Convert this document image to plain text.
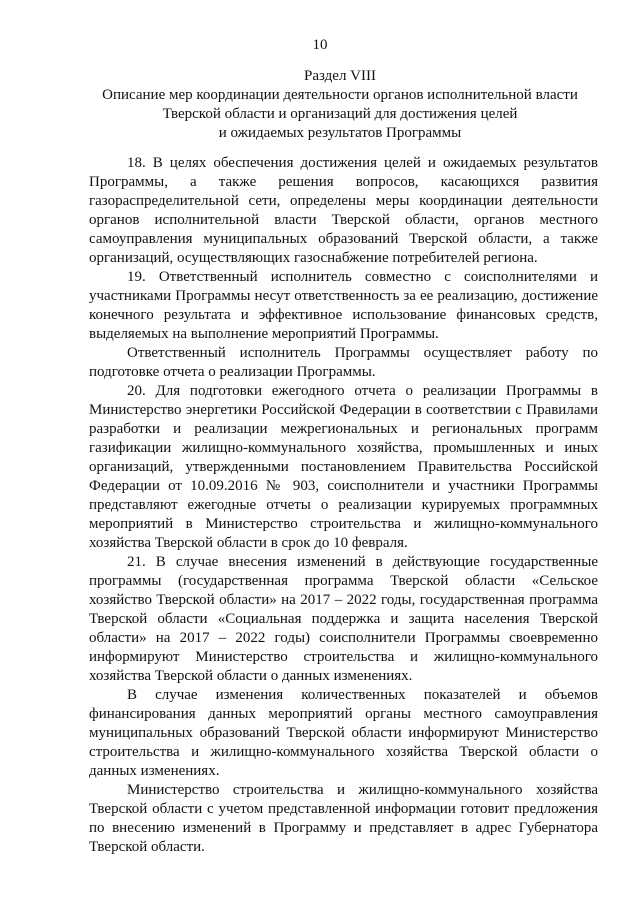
10
Раздел VIII
Описание мер координации деятельности органов исполнительной власти
Тверской области и организаций для достижения целей
и ожидаемых результатов Программы

18. В целях обеспечения достижения целей и ожидаемых результатов Программы, а также решения вопросов, касающихся развития газораспределительной сети, определены меры координации деятельности органов исполнительной власти Тверской области, органов местного самоуправления муниципальных образований Тверской области, а также организаций, осуществляющих газоснабжение потребителей региона.

19. Ответственный исполнитель совместно с соисполнителями и участниками Программы несут ответственность за ее реализацию, достижение конечного результата и эффективное использование финансовых средств, выделяемых на выполнение мероприятий Программы.

Ответственный исполнитель Программы осуществляет работу по подготовке отчета о реализации Программы.

20. Для подготовки ежегодного отчета о реализации Программы в Министерство энергетики Российской Федерации в соответствии с Правилами разработки и реализации межрегиональных и региональных программ газификации жилищно-коммунального хозяйства, промышленных и иных организаций, утвержденными постановлением Правительства Российской Федерации от 10.09.2016 № 903, соисполнители и участники Программы представляют ежегодные отчеты о реализации курируемых программных мероприятий в Министерство строительства и жилищно-коммунального хозяйства Тверской области в срок до 10 февраля.

21. В случае внесения изменений в действующие государственные программы (государственная программа Тверской области «Сельское хозяйство Тверской области» на 2017 – 2022 годы, государственная программа Тверской области «Социальная поддержка и защита населения Тверской области» на 2017 – 2022 годы) соисполнители Программы своевременно информируют Министерство строительства и жилищно-коммунального хозяйства Тверской области о данных изменениях.

В случае изменения количественных показателей и объемов финансирования данных мероприятий органы местного самоуправления муниципальных образований Тверской области информируют Министерство строительства и жилищно-коммунального хозяйства Тверской области о данных изменениях.

Министерство строительства и жилищно-коммунального хозяйства Тверской области с учетом представленной информации готовит предложения по внесению изменений в Программу и представляет в адрес Губернатора Тверской области.
